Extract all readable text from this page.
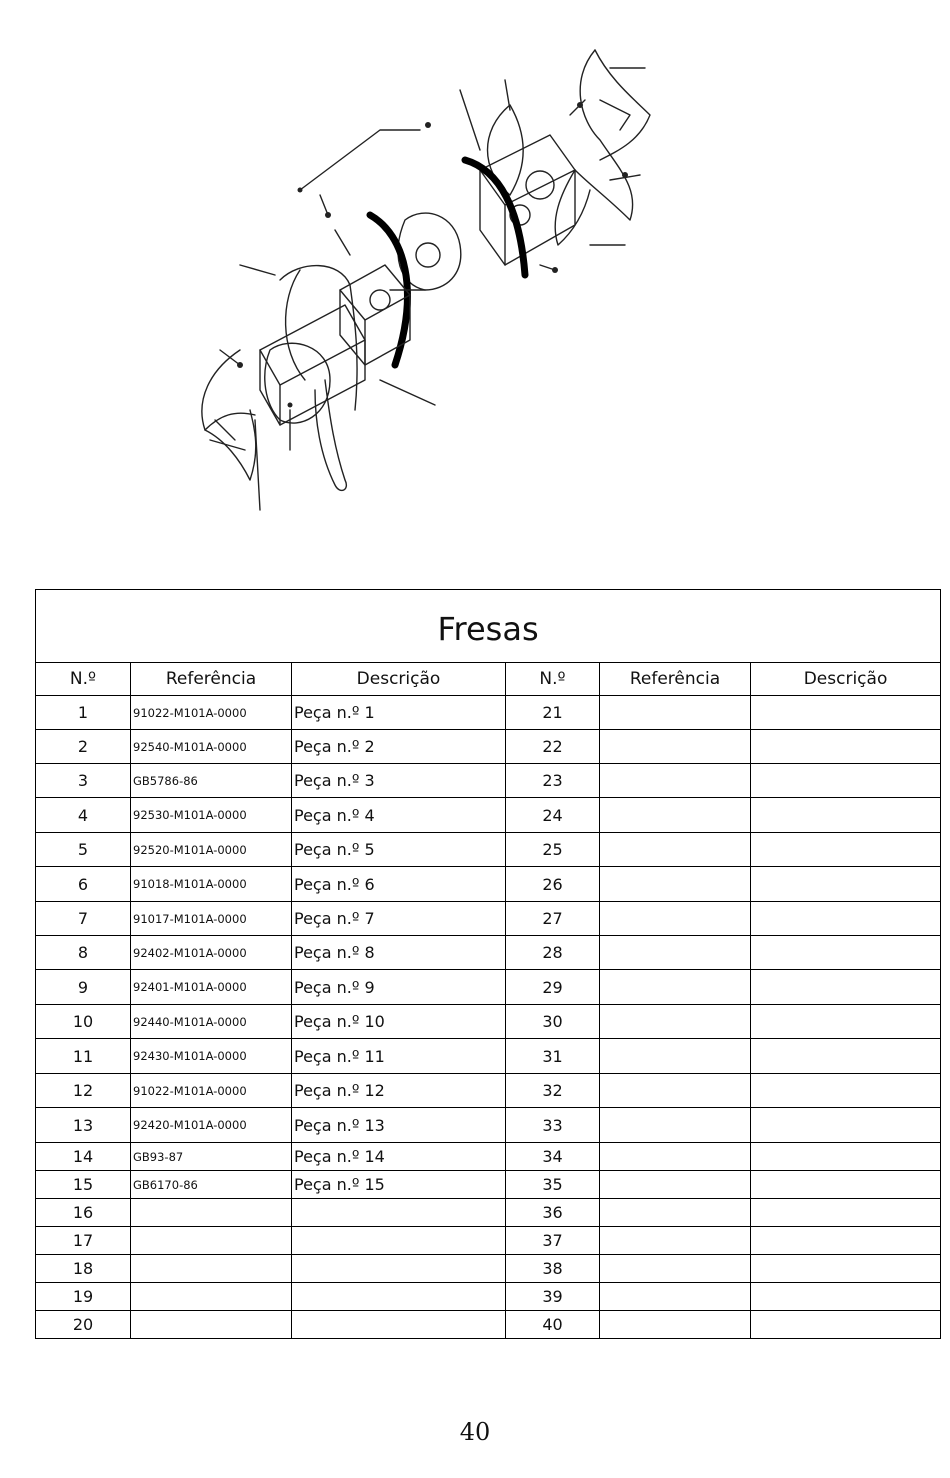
Fresas					
N.º	Referência	Descrição	N.º	Referência	Descrição
1	91022-M101A-0000	Peça n.º 1	21		
2	92540-M101A-0000	Peça n.º 2	22		
3	GB5786-86	Peça n.º 3	23		
4	92530-M101A-0000	Peça n.º 4	24		
5	92520-M101A-0000	Peça n.º 5	25		
6	91018-M101A-0000	Peça n.º 6	26		
7	91017-M101A-0000	Peça n.º 7	27		
8	92402-M101A-0000	Peça n.º 8	28		
9	92401-M101A-0000	Peça n.º 9	29		
10	92440-M101A-0000	Peça n.º 10	30		
11	92430-M101A-0000	Peça n.º 11	31		
12	91022-M101A-0000	Peça n.º 12	32		
13	92420-M101A-0000	Peça n.º 13	33		
14	GB93-87	Peça n.º 14	34		
15	GB6170-86	Peça n.º 15	35		
16			36		
17			37		
18			38		
19			39		
20			40		
40
